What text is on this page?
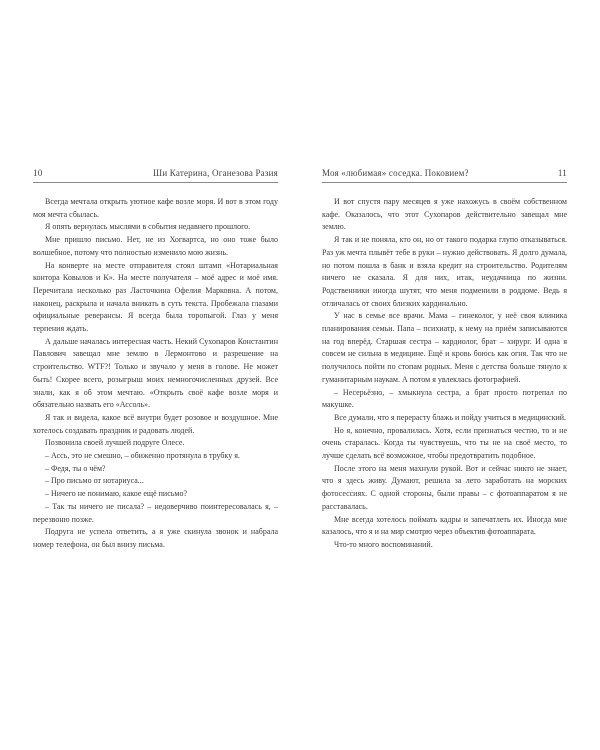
10	Ши Катерина, Оганезова Разия

Всегда мечтала открыть уютное кафе возле моря. И вот в этом году моя мечта сбылась.

Я опять вернулась мыслями в события недавнего прошлого.

Мне пришло письмо. Нет, не из Хогвартса, но оно тоже было волшебное, потому что полностью изменило мою жизнь.

На конверте на месте отправителя стоял штамп «Нотариальная контора Ковылов и К». На месте получателя – моё адрес и моё имя. Перечитала несколько раз Ласточкина Офелия Марковна. А потом, наконец, раскрыла и начала вникать в суть текста. Пробежала глазами официальные реверансы. Я всегда была торопыгой. Глаз у меня терпения ждать.

А дальше началась интересная часть. Некий Сухопаров Константин Павлович завещал мне землю в Лермонтово и разрешение на строительство. WTF?! Только и звучало у меня в голове. Не может быть! Скорее всего, розыгрыш моих немногочисленных друзей. Все знали, как я об этом мечтаю. «Открыть своё кафе возле моря и обязательно назвать его «Ассоль».

Я так и видела, какое всё внутри будет розовое и воздушное. Мне хотелось создавать праздник и радовать людей.

Позвонила своей лучшей подруге Олесе.

– Ассь, это не смешно, – обиженно протянула в трубку я.

– Федя, ты о чём?

– Про письмо от нотариуса...

– Ничего не понимаю, какое ещё письмо?

– Так ты ничего не писала? – недоверчиво поинтересовалась я, – перезвоню позже.

Подруга не успела ответить, а я уже скинула звонок и набрала номер телефона, он был внизу письма.

Моя «любимая» соседка. Поковием?	11

И вот спустя пару месяцев я уже нахожусь в своём собственном кафе. Оказалось, что этот Сухопаров действительно завещал мне землю.

Я так и не поняла, кто он, но от такого подарка глупо отказываться. Раз уж мечта плывёт тебе в руки – нужно действовать. Я долго думала, но потом пошла в банк и взяла кредит на строительство. Родителям ничего не сказала. Я для них, итак, неудачница по жизни. Родственники иногда шутят, что меня подменили в роддоме. Ведь я отличалась от своих близких кардинально.

У нас в семье все врачи. Мама – гинеколог, у неё своя клиника планирования семьи. Папа – психиатр, к нему на приём записываются на год вперёд. Старшая сестра – кардиолог, брат – хирург. И одна я совсем не сильна в медицине. Ещё и кровь боюсь как огня. Так что не получилось пойти по стопам родных. Меня с детства больше тянуло к гуманитарным наукам. А потом я увлеклась фотографией.

– Несерьёзно, – хмыкнула сестра, а брат просто потрепал по макушке.

Все думали, что я перерасту блажь и пойду учиться в медицинский.

Но я, конечно, провалилась. Хотя, если признаться честно, то и не очень старалась. Когда ты чувствуешь, что ты не на своё место, то лучше сделать всё возможное, чтобы предотвратить подобное.

После этого на меня махнули рукой. Вот и сейчас никто не знает, что я здесь живу. Думают, решила за лето заработать на морских фотосессиях. С одной стороны, были правы – с фотоаппаратом я не расставалась.

Мне всегда хотелось поймать кадры и запечатлеть их. Иногда мне казалось, что я и на мир смотрю через объектив фотоаппарата.

Что-то много воспоминаний.
